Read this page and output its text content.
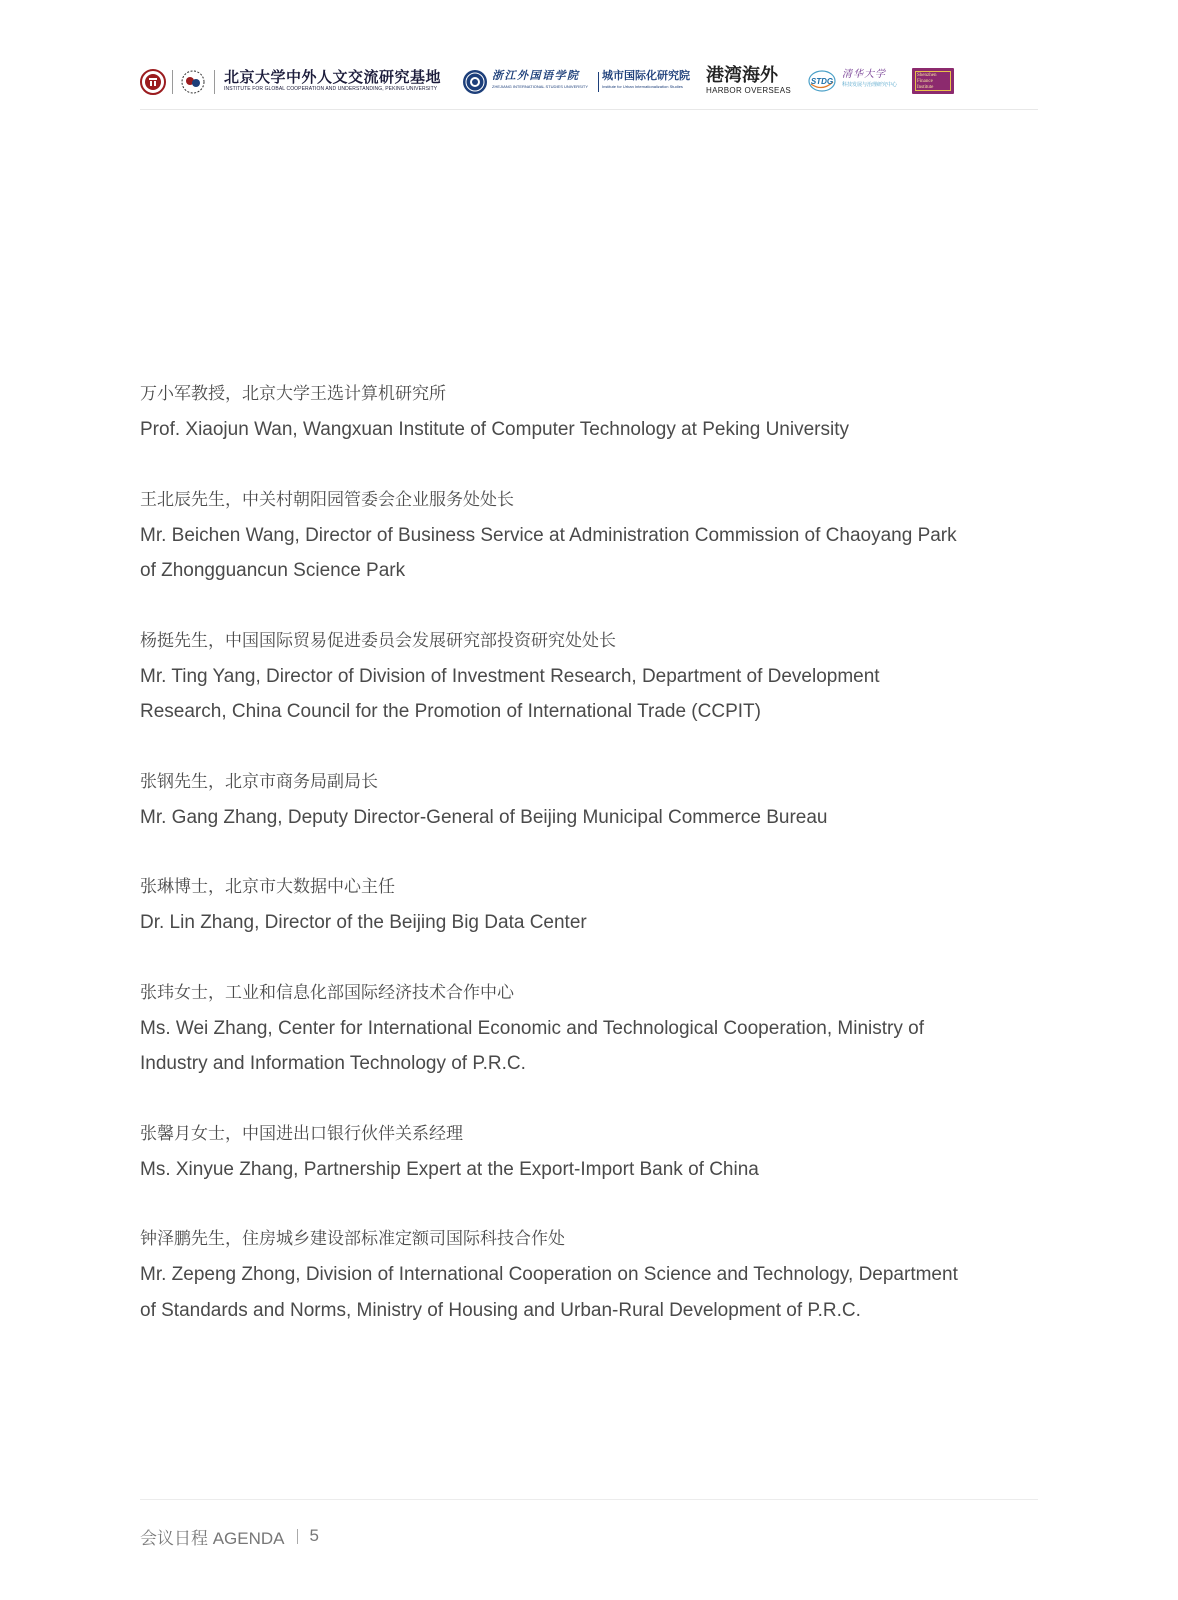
北京大学中外人文交流研究基地
INSTITUTE FOR GLOBAL COOPERATION AND UNDERSTANDING, PEKING UNIVERSITY
浙江外国语学院
ZHEJIANG INTERNATIONAL STUDIES UNIVERSITY
城市国际化研究院
Institute for Urban Internationalization Studies
港湾海外
HARBOR OVERSEAS
STDG
清华大学
科技发展与治理研究中心
Shenzhen Finance Institute
万小军教授，北京大学王选计算机研究所
Prof. Xiaojun Wan, Wangxuan Institute of Computer Technology at Peking University
王北辰先生，中关村朝阳园管委会企业服务处处长
Mr. Beichen Wang, Director of Business Service at Administration Commission of Chaoyang Park of Zhongguancun Science Park
杨挺先生，中国国际贸易促进委员会发展研究部投资研究处处长
Mr. Ting Yang, Director of Division of Investment Research, Department of Development Research, China Council for the Promotion of International Trade (CCPIT)
张钢先生，北京市商务局副局长
Mr. Gang Zhang, Deputy Director-General of Beijing Municipal Commerce Bureau
张琳博士，北京市大数据中心主任
Dr. Lin Zhang, Director of the Beijing Big Data Center
张玮女士，工业和信息化部国际经济技术合作中心
Ms. Wei Zhang, Center for International Economic and Technological Cooperation, Ministry of Industry and Information Technology of P.R.C.
张馨月女士，中国进出口银行伙伴关系经理
Ms. Xinyue Zhang, Partnership Expert at the Export-Import Bank of China
钟泽鹏先生，住房城乡建设部标准定额司国际科技合作处
Mr. Zepeng Zhong, Division of International Cooperation on Science and Technology, Department of Standards and Norms, Ministry of Housing and Urban-Rural Development of P.R.C.
会议日程 AGENDA 5
